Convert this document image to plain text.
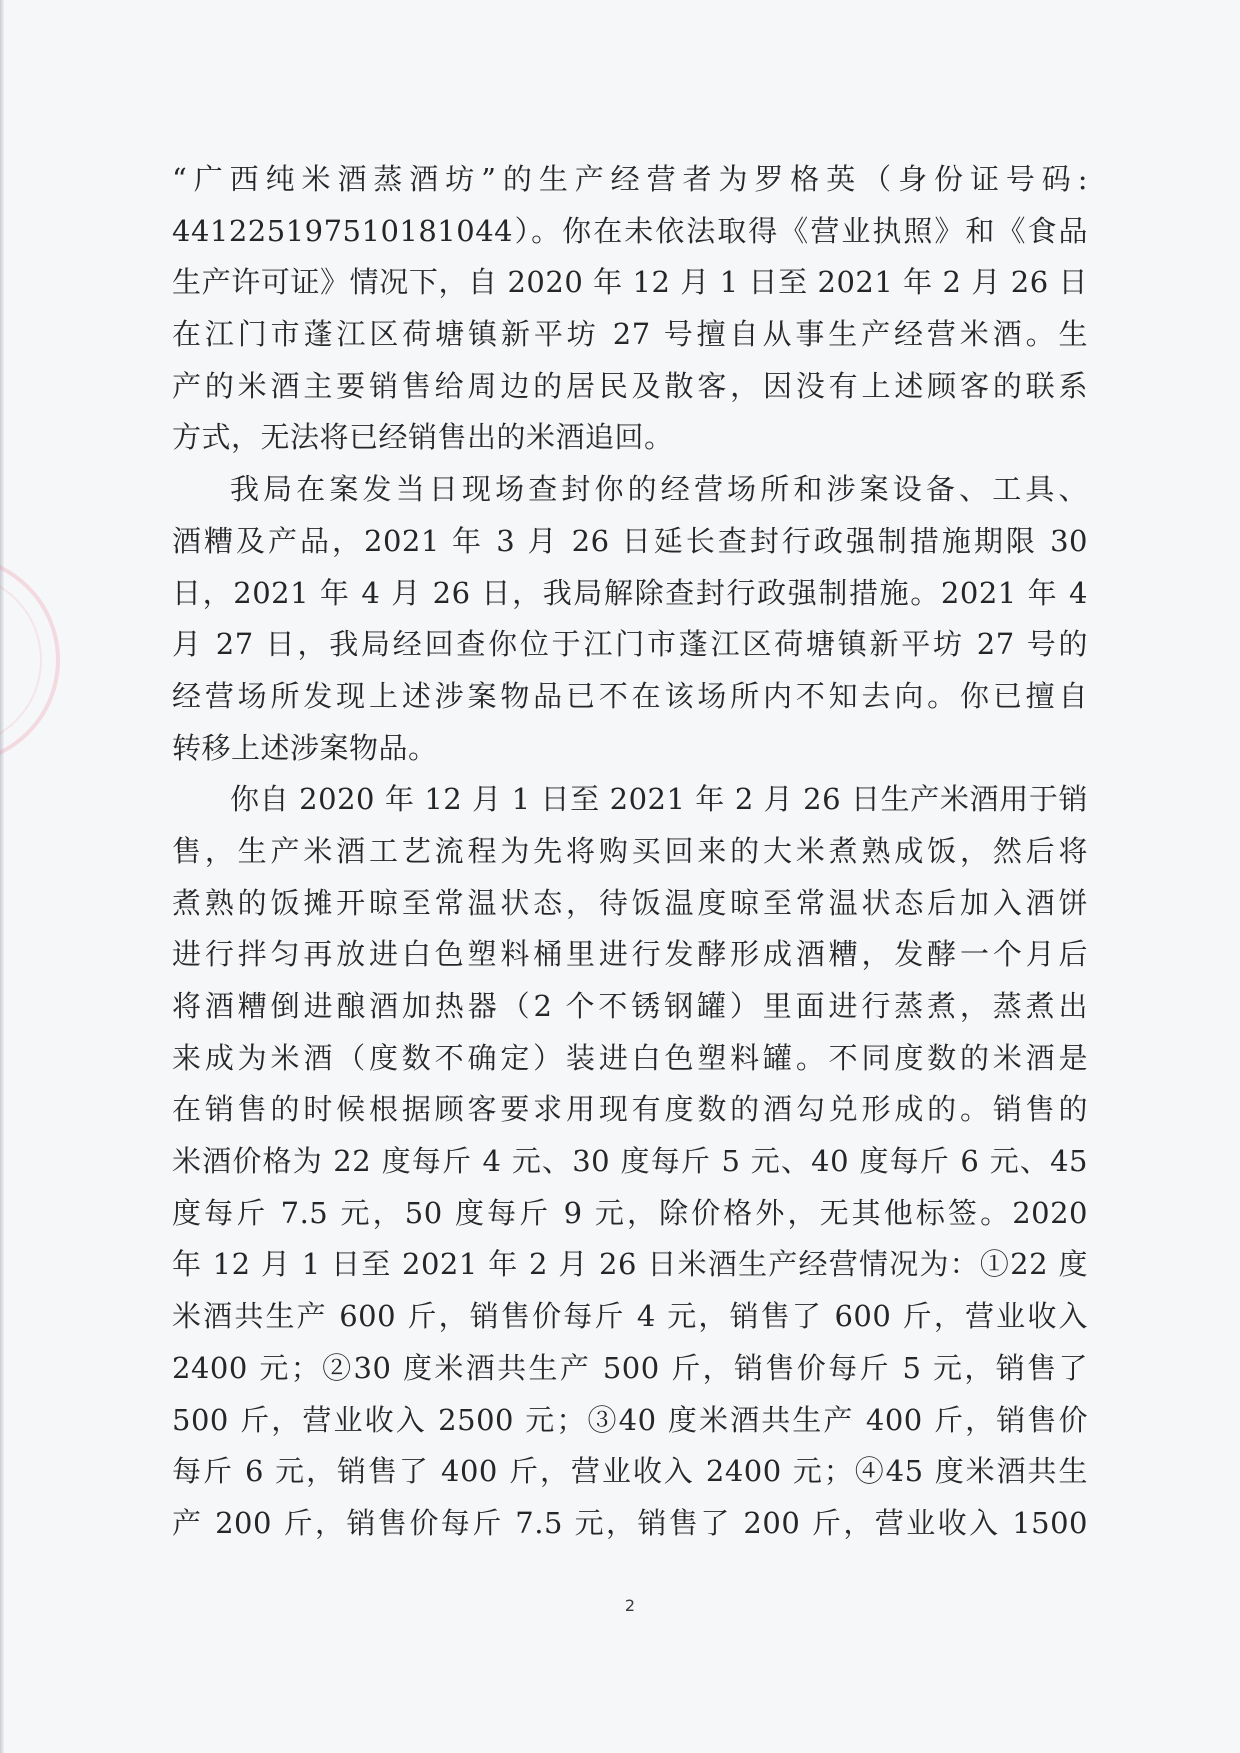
“广西纯米酒蒸酒坊”的生产经营者为罗格英（身份证号码:
441225197510181044）。你在未依法取得《营业执照》和《食品
生产许可证》情况下，自 2020 年 12 月 1 日至 2021 年 2 月 26 日
在江门市蓬江区荷塘镇新平坊 27 号擅自从事生产经营米酒。生
产的米酒主要销售给周边的居民及散客，因没有上述顾客的联系
方式，无法将已经销售出的米酒追回。
我局在案发当日现场查封你的经营场所和涉案设备、工具、
酒糟及产品，2021 年 3 月 26 日延长查封行政强制措施期限 30
日，2021 年 4 月 26 日，我局解除查封行政强制措施。2021 年 4
月 27 日，我局经回查你位于江门市蓬江区荷塘镇新平坊 27 号的
经营场所发现上述涉案物品已不在该场所内不知去向。你已擅自
转移上述涉案物品。
你自 2020 年 12 月 1 日至 2021 年 2 月 26 日生产米酒用于销
售，生产米酒工艺流程为先将购买回来的大米煮熟成饭，然后将
煮熟的饭摊开晾至常温状态，待饭温度晾至常温状态后加入酒饼
进行拌匀再放进白色塑料桶里进行发酵形成酒糟，发酵一个月后
将酒糟倒进酿酒加热器（2 个不锈钢罐）里面进行蒸煮，蒸煮出
来成为米酒（度数不确定）装进白色塑料罐。不同度数的米酒是
在销售的时候根据顾客要求用现有度数的酒勾兑形成的。销售的
米酒价格为 22 度每斤 4 元、30 度每斤 5 元、40 度每斤 6 元、45
度每斤 7.5 元，50 度每斤 9 元，除价格外，无其他标签。2020
年 12 月 1 日至 2021 年 2 月 26 日米酒生产经营情况为：①22 度
米酒共生产 600 斤，销售价每斤 4 元，销售了 600 斤，营业收入
2400 元；②30 度米酒共生产 500 斤，销售价每斤 5 元，销售了
500 斤，营业收入 2500 元；③40 度米酒共生产 400 斤，销售价
每斤 6 元，销售了 400 斤，营业收入 2400 元；④45 度米酒共生
产 200 斤，销售价每斤 7.5 元，销售了 200 斤，营业收入 1500
2
